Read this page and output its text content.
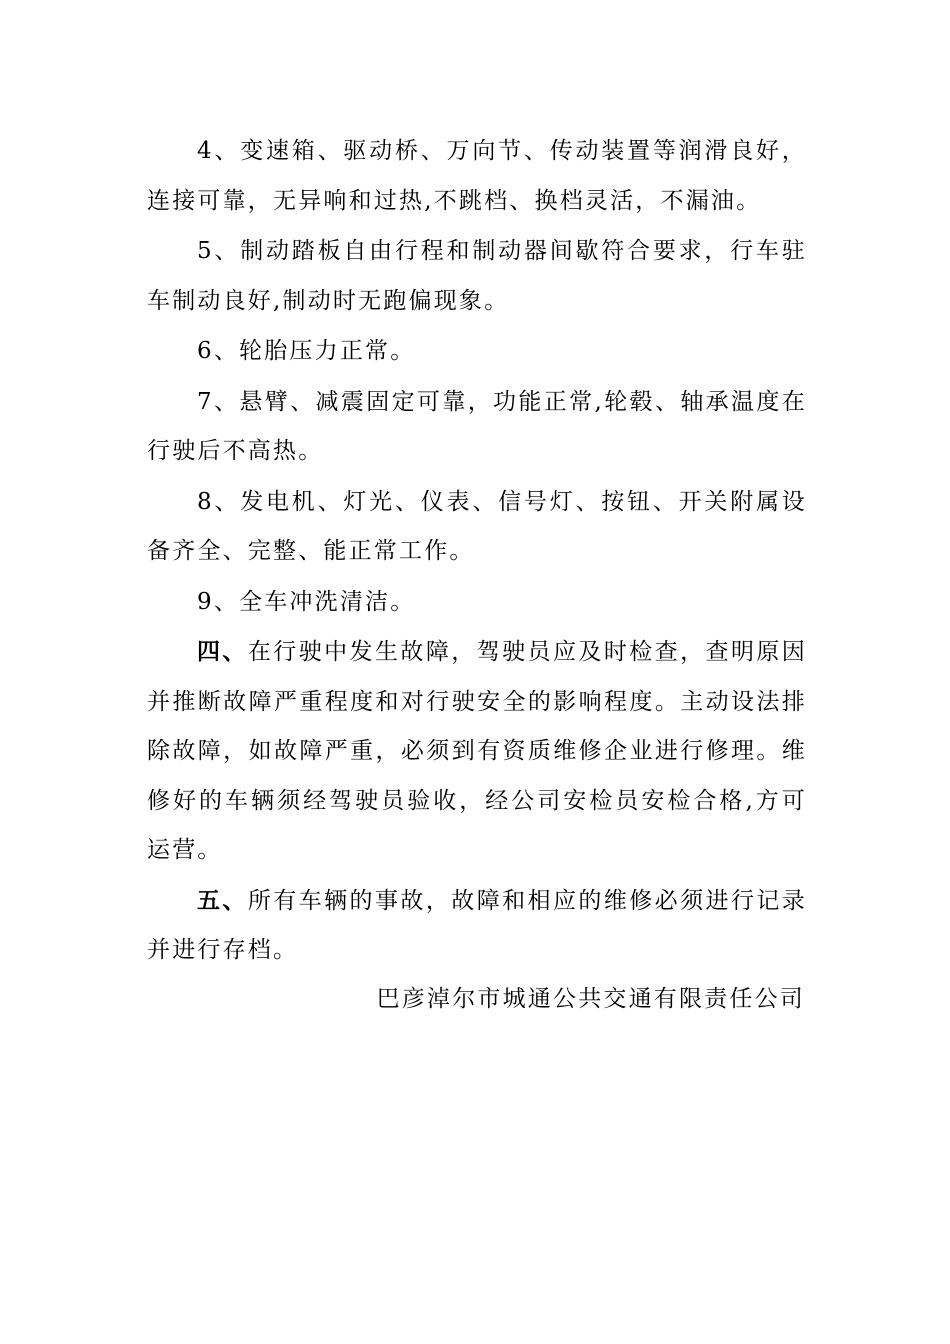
4、变速箱、驱动桥、万向节、传动装置等润滑良好，连接可靠，无异响和过热,不跳档、换档灵活，不漏油。

5、制动踏板自由行程和制动器间歇符合要求，行车驻车制动良好,制动时无跑偏现象。

6、轮胎压力正常。

7、悬臂、减震固定可靠，功能正常,轮毂、轴承温度在行驶后不高热。

8、发电机、灯光、仪表、信号灯、按钮、开关附属设备齐全、完整、能正常工作。

9、全车冲洗清洁。

四、在行驶中发生故障，驾驶员应及时检查，查明原因并推断故障严重程度和对行驶安全的影响程度。主动设法排除故障，如故障严重，必须到有资质维修企业进行修理。维修好的车辆须经驾驶员验收，经公司安检员安检合格,方可运营。

五、所有车辆的事故，故障和相应的维修必须进行记录并进行存档。

巴彦淖尔市城通公共交通有限责任公司
